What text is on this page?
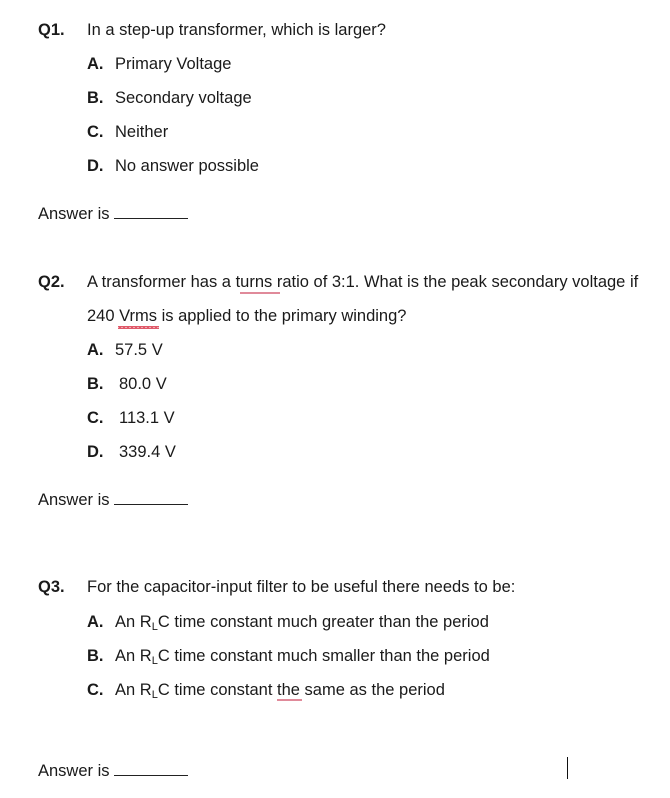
Q1. In a step-up transformer, which is larger?
A. Primary Voltage
B. Secondary voltage
C. Neither
D. No answer possible
Answer is
Q2. A transformer has a turns ratio of 3:1. What is the peak secondary voltage if
240 Vrms is applied to the primary winding?
A. 57.5 V
B. 80.0 V
C. 113.1 V
D. 339.4 V
Answer is
Q3. For the capacitor-input filter to be useful there needs to be:
A. An $R_LC$ time constant much greater than the period
B. An $R_LC$ time constant much smaller than the period
C. An $R_LC$ time constant the same as the period
Answer is
